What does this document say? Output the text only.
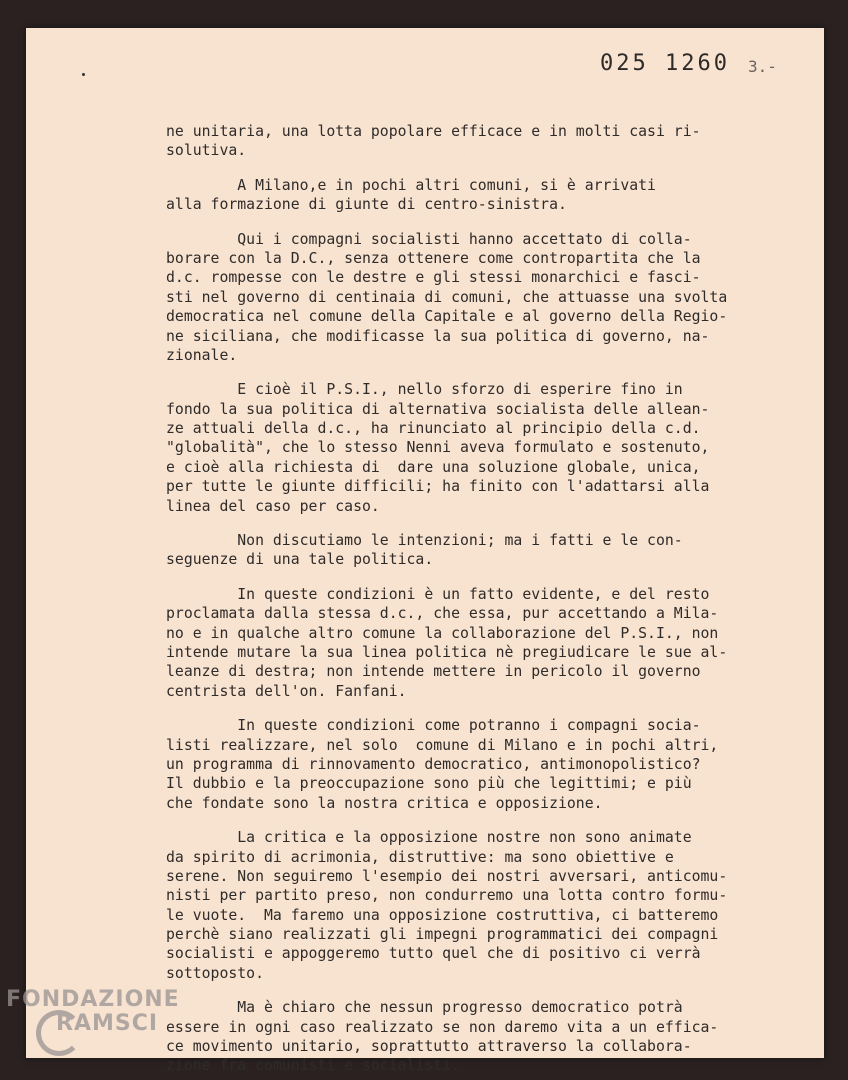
025 1260 3.-
ne unitaria, una lotta popolare efficace e in molti casi ri-
solutiva.
A Milano,e in pochi altri comuni, si è arrivati
alla formazione di giunte di centro-sinistra.
Qui i compagni socialisti hanno accettato di colla-
borare con la D.C., senza ottenere come contropartita che la
d.c. rompesse con le destre e gli stessi monarchici e fasci-
sti nel governo di centinaia di comuni, che attuasse una svolta
democratica nel comune della Capitale e al governo della Regio-
ne siciliana, che modificasse la sua politica di governo, na-
zionale.
E cioè il P.S.I., nello sforzo di esperire fino in
fondo la sua politica di alternativa socialista delle allean-
ze attuali della d.c., ha rinunciato al principio della c.d.
"globalità", che lo stesso Nenni aveva formulato e sostenuto,
e cioè alla richiesta di  dare una soluzione globale, unica,
per tutte le giunte difficili; ha finito con l'adattarsi alla
linea del caso per caso.
Non discutiamo le intenzioni; ma i fatti e le con-
seguenze di una tale politica.
In queste condizioni è un fatto evidente, e del resto
proclamata dalla stessa d.c., che essa, pur accettando a Mila-
no e in qualche altro comune la collaborazione del P.S.I., non
intende mutare la sua linea politica nè pregiudicare le sue al-
leanze di destra; non intende mettere in pericolo il governo
centrista dell'on. Fanfani.
In queste condizioni come potranno i compagni socia-
listi realizzare, nel solo  comune di Milano e in pochi altri,
un programma di rinnovamento democratico, antimonopolistico?
Il dubbio e la preoccupazione sono più che legittimi; e più
che fondate sono la nostra critica e opposizione.
La critica e la opposizione nostre non sono animate
da spirito di acrimonia, distruttive: ma sono obiettive e
serene. Non seguiremo l'esempio dei nostri avversari, anticomu-
nisti per partito preso, non condurremo una lotta contro formu-
le vuote.  Ma faremo una opposizione costruttiva, ci batteremo
perchè siano realizzati gli impegni programmatici dei compagni
socialisti e appoggeremo tutto quel che di positivo ci verrà
sottoposto.
Ma è chiaro che nessun progresso democratico potrà
essere in ogni caso realizzato se non daremo vita a un effica-
ce movimento unitario, soprattutto attraverso la collabora-
zione fra comunisti e socialisti.
FONDAZIONE
RAMSCI
